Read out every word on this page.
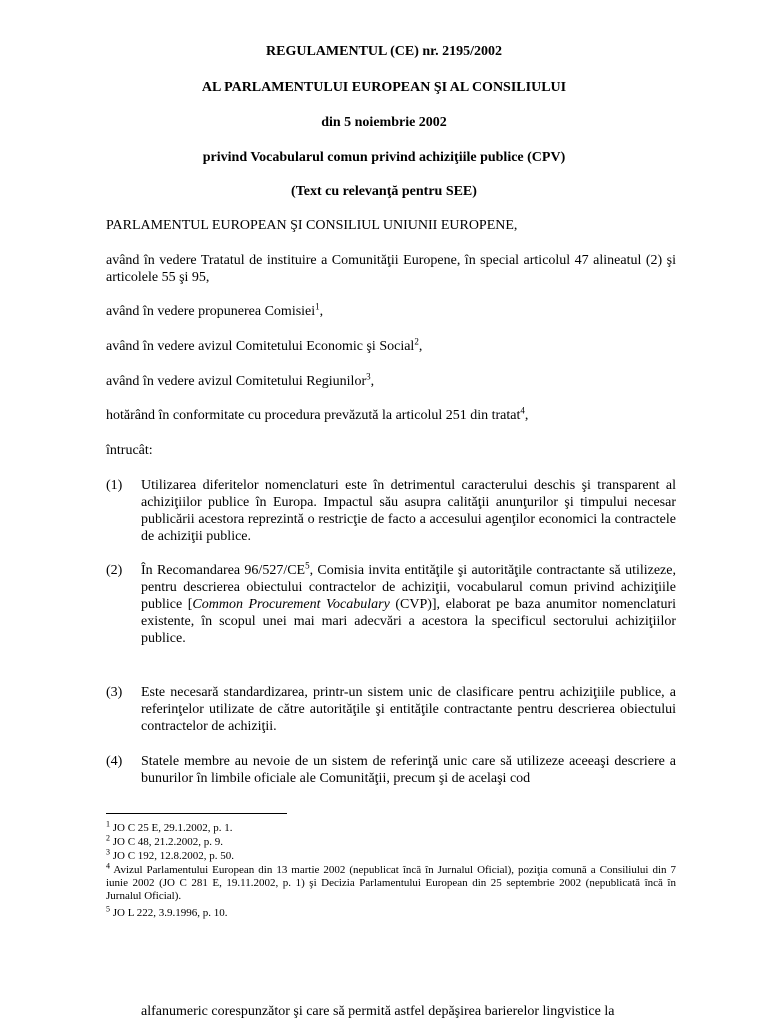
REGULAMENTUL (CE) nr. 2195/2002

AL PARLAMENTULUI EUROPEAN ŞI AL CONSILIULUI

din 5 noiembrie 2002

privind Vocabularul comun privind achiziţiile publice (CPV)

(Text cu relevanţă pentru SEE)

PARLAMENTUL EUROPEAN ŞI CONSILIUL UNIUNII EUROPENE,

având în vedere Tratatul de instituire a Comunităţii Europene, în special articolul 47 alineatul (2) şi articolele 55 şi 95,

având în vedere propunerea Comisiei$^1$,

având în vedere avizul Comitetului Economic şi Social$^2$,

având în vedere avizul Comitetului Regiunilor$^3$,

hotărând în conformitate cu procedura prevăzută la articolul 251 din tratat$^4$,

întrucât:

(1) Utilizarea diferitelor nomenclaturi este în detrimentul caracterului deschis şi transparent al achiziţiilor publice în Europa. Impactul său asupra calităţii anunţurilor şi timpului necesar publicării acestora reprezintă o restricţie de facto a accesului agenţilor economici la contractele de achiziţii publice.

(2) În Recomandarea $96/527/CE^5$, Comisia invita entităţile şi autorităţile contractante să utilizeze, pentru descrierea obiectului contractelor de achiziţii, vocabularul comun privind achiziţiile publice [Common Procurement Vocabulary (CVP)], elaborat pe baza anumitor nomenclaturi existente, în scopul unei mai mari adecvări a acestora la specificul sectorului achiziţiilor publice.

(3) Este necesară standardizarea, printr-un sistem unic de clasificare pentru achiziţiile publice, a referinţelor utilizate de către autorităţile şi entităţile contractante pentru descrierea obiectului contractelor de achiziţii.

(4) Statele membre au nevoie de un sistem de referinţă unic care să utilizeze aceeaşi descriere a bunurilor în limbile oficiale ale Comunităţii, precum şi de acelaşi cod

$^1$ JO C 25 E, 29.1.2002, p. 1.

$^2$ JO C 48, 21.2.2002, p. 9.

$^3$ JO C 192, 12.8.2002, p. 50.

$^4$ Avizul Parlamentului European din 13 martie 2002 (nepublicat încă în Jurnalul Oficial), poziţia comună a Consiliului din 7 iunie 2002 (JO C 281 E, 19.11.2002, p. 1) şi Decizia Parlamentului European din 25 septembrie 2002 (nepublicată încă în Jurnalul Oficial).

$^5$ JO L 222, 3.9.1996, p. 10.

alfanumeric corespunzător şi care să permită astfel depăşirea barierelor lingvistice la
